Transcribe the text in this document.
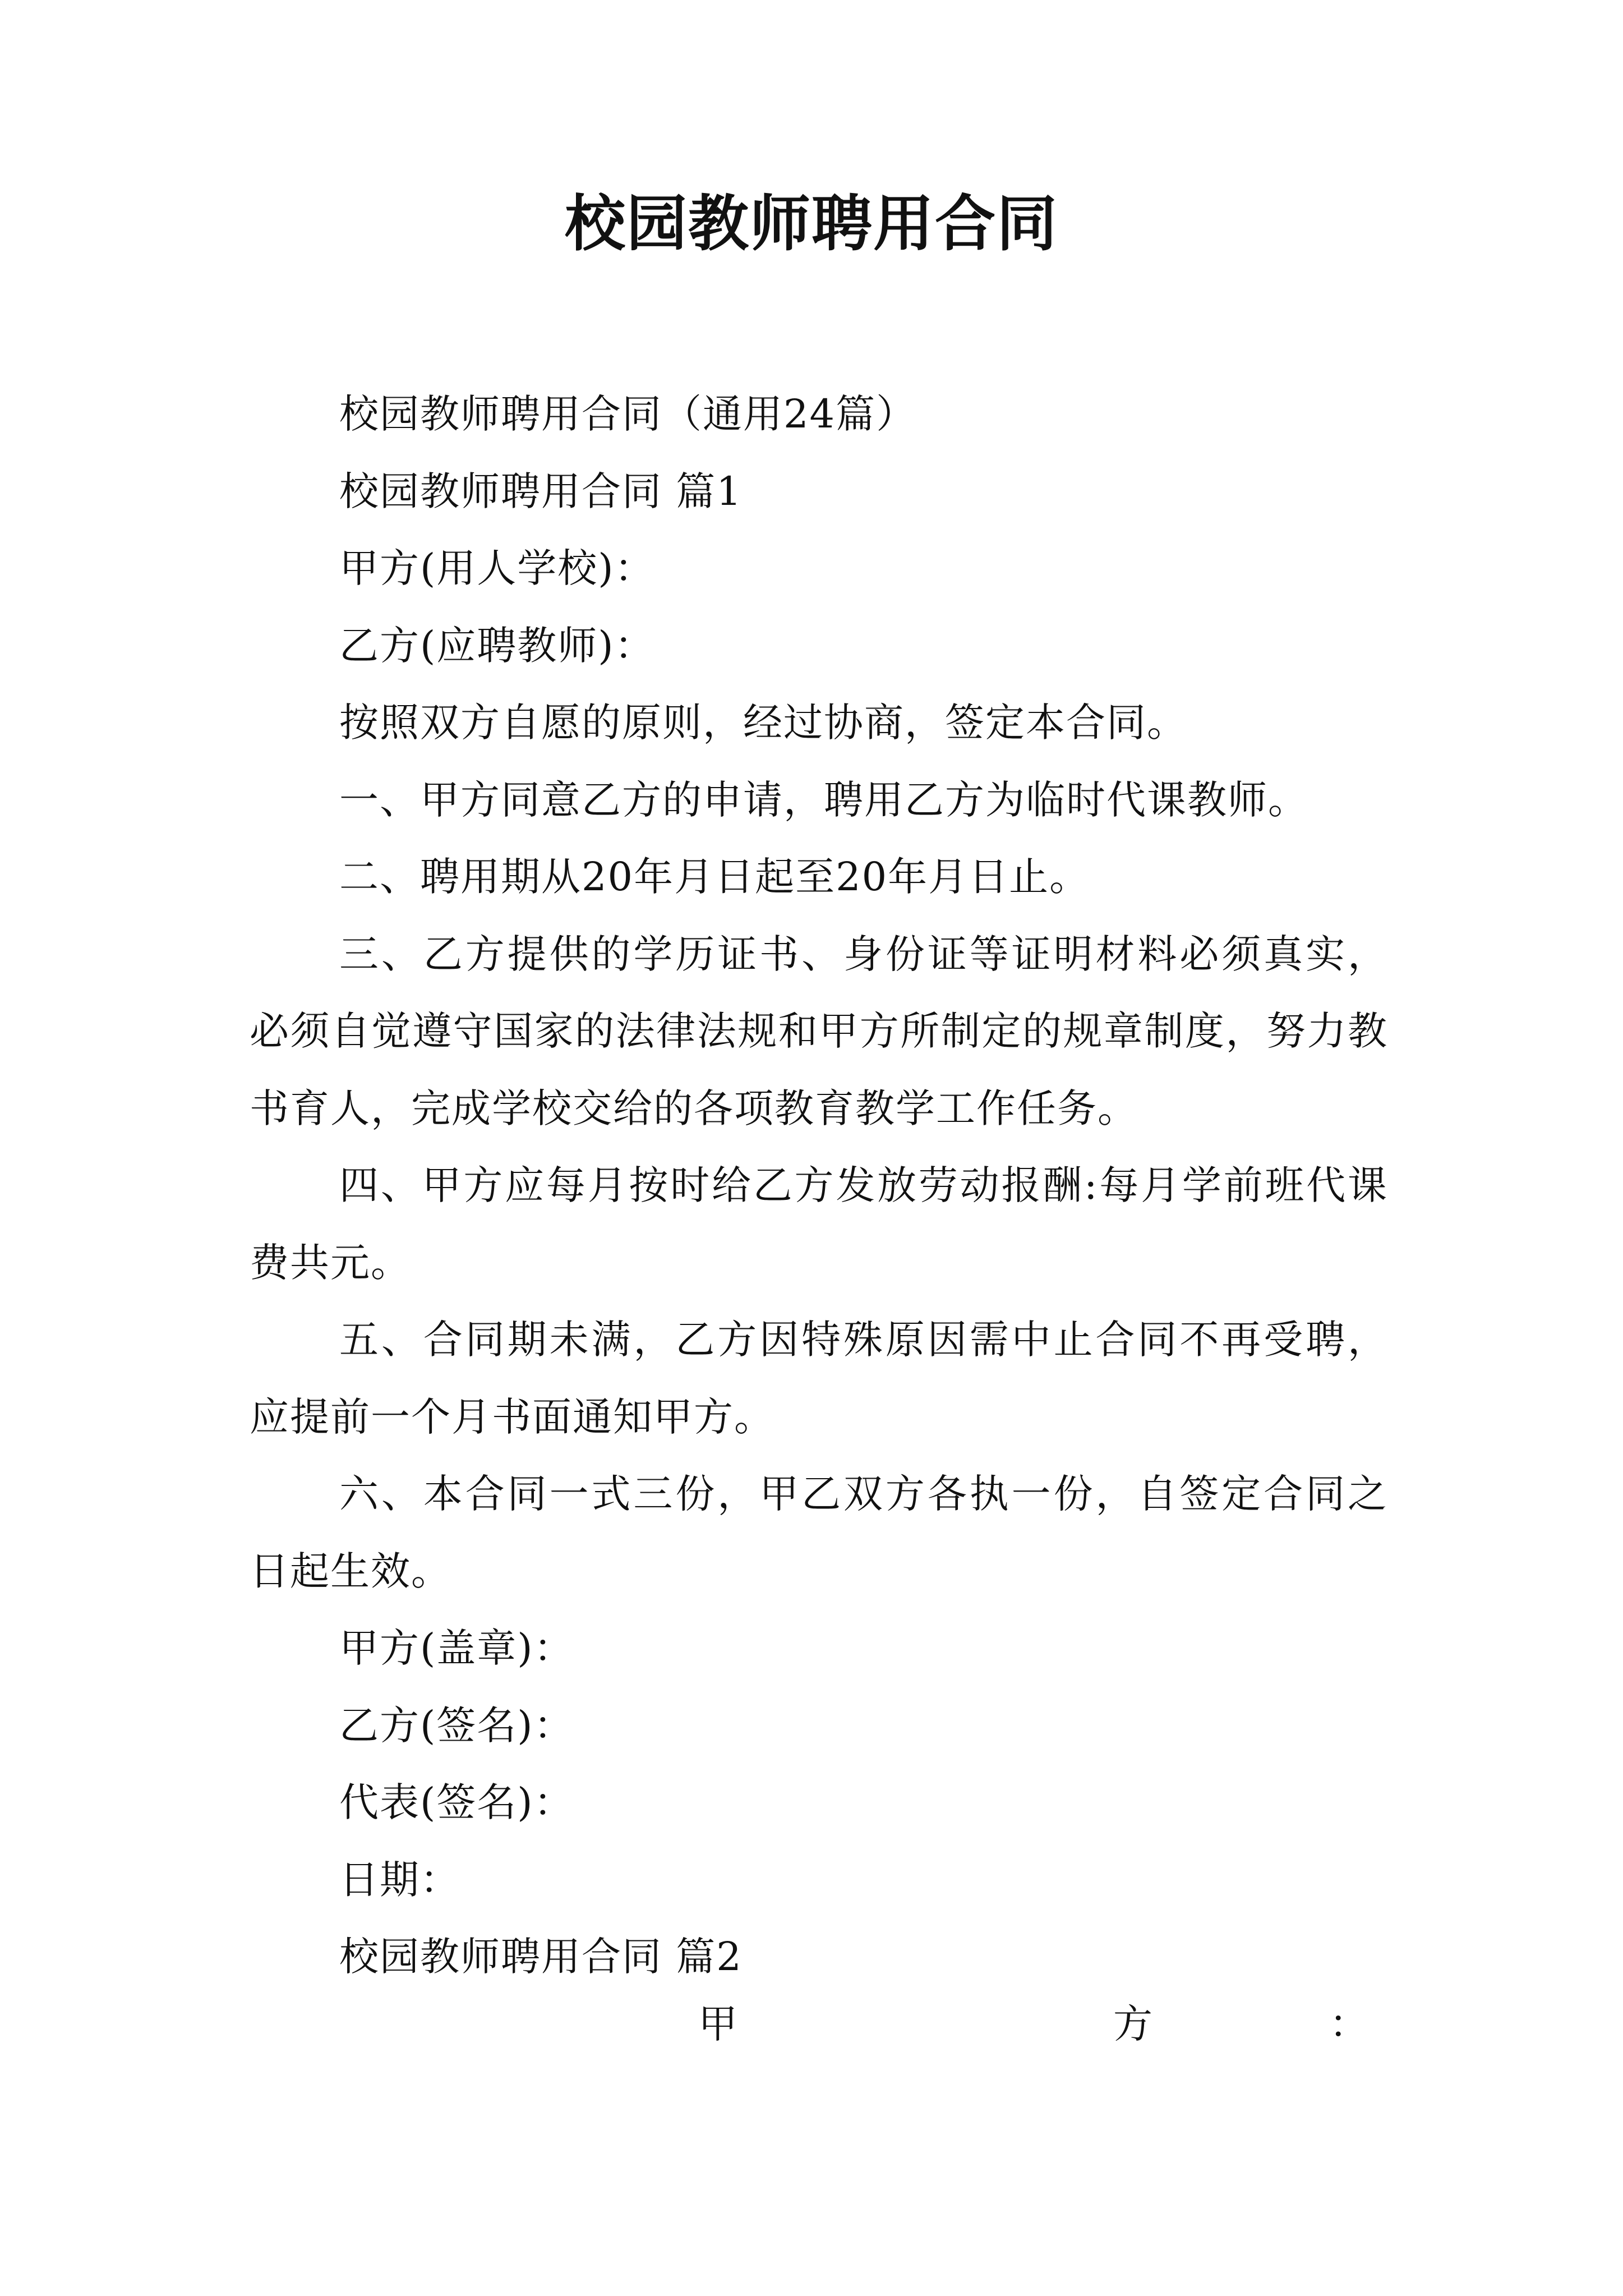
校园教师聘用合同

校园教师聘用合同（通用24篇）

校园教师聘用合同 篇1

甲方(用人学校)：

乙方(应聘教师)：

按照双方自愿的原则，经过协商，签定本合同。

一、甲方同意乙方的申请，聘用乙方为临时代课教师。

二、聘用期从20年月日起至20年月日止。

三、乙方提供的学历证书、身份证等证明材料必须真实，必须自觉遵守国家的法律法规和甲方所制定的规章制度，努力教书育人，完成学校交给的各项教育教学工作任务。

四、甲方应每月按时给乙方发放劳动报酬:每月学前班代课费共元。

五、合同期未满，乙方因特殊原因需中止合同不再受聘，应提前一个月书面通知甲方。

六、本合同一式三份，甲乙双方各执一份，自签定合同之日起生效。

甲方(盖章)：

乙方(签名)：

代表(签名)：

日期：

校园教师聘用合同 篇2

甲	方	：
